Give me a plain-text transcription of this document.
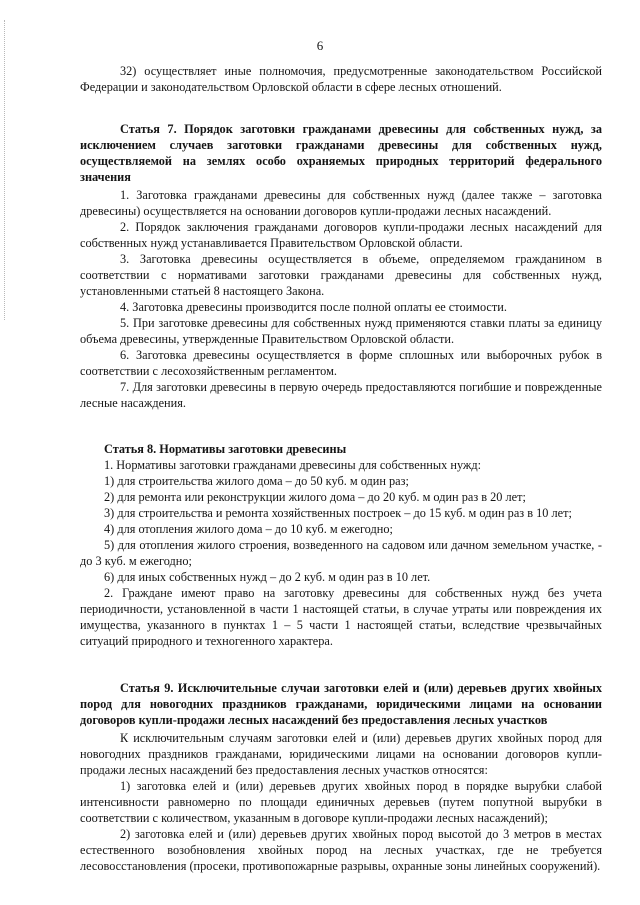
6

32) осуществляет иные полномочия, предусмотренные законодательством Российской Федерации и законодательством Орловской области в сфере лесных отношений.

Статья 7. Порядок заготовки гражданами древесины для собственных нужд, за исключением случаев заготовки гражданами древесины для собственных нужд, осуществляемой на землях особо охраняемых природных территорий федерального значения

1. Заготовка гражданами древесины для собственных нужд (далее также – заготовка древесины) осуществляется на основании договоров купли-продажи лесных насаждений.

2. Порядок заключения гражданами договоров купли-продажи лесных насаждений для собственных нужд устанавливается Правительством Орловской области.

3. Заготовка древесины осуществляется в объеме, определяемом гражданином в соответствии с нормативами заготовки гражданами древесины для собственных нужд, установленными статьей 8 настоящего Закона.

4. Заготовка древесины производится после полной оплаты ее стоимости.

5. При заготовке древесины для собственных нужд применяются ставки платы за единицу объема древесины, утвержденные Правительством Орловской области.

6. Заготовка древесины осуществляется в форме сплошных или выборочных рубок в соответствии с лесохозяйственным регламентом.

7. Для заготовки древесины в первую очередь предоставляются погибшие и поврежденные лесные насаждения.

Статья 8. Нормативы заготовки древесины

1. Нормативы заготовки гражданами древесины для собственных нужд:

1) для строительства жилого дома – до 50 куб. м один раз;

2) для ремонта или реконструкции жилого дома – до 20 куб. м один раз в 20 лет;

3) для строительства и ремонта хозяйственных построек – до 15 куб. м один раз в 10 лет;

4) для отопления жилого дома – до 10 куб. м ежегодно;

5) для отопления жилого строения, возведенного на садовом или дачном земельном участке, - до 3 куб. м ежегодно;

6) для иных собственных нужд – до 2 куб. м один раз в 10 лет.

2. Граждане имеют право на заготовку древесины для собственных нужд без учета периодичности, установленной в части 1 настоящей статьи, в случае утраты или повреждения их имущества, указанного в пунктах 1 – 5 части 1 настоящей статьи, вследствие чрезвычайных ситуаций природного и техногенного характера.

Статья 9. Исключительные случаи заготовки елей и (или) деревьев других хвойных пород для новогодних праздников гражданами, юридическими лицами на основании договоров купли-продажи лесных насаждений без предоставления лесных участков

К исключительным случаям заготовки елей и (или) деревьев других хвойных пород для новогодних праздников гражданами, юридическими лицами на основании договоров купли-продажи лесных насаждений без предоставления лесных участков относятся:

1) заготовка елей и (или) деревьев других хвойных пород в порядке вырубки слабой интенсивности равномерно по площади единичных деревьев (путем попутной вырубки в соответствии с количеством, указанным в договоре купли-продажи лесных насаждений);

2) заготовка елей и (или) деревьев других хвойных пород высотой до 3 метров в местах естественного возобновления хвойных пород на лесных участках, где не требуется лесовосстановления (просеки, противопожарные разрывы, охранные зоны линейных сооружений).
